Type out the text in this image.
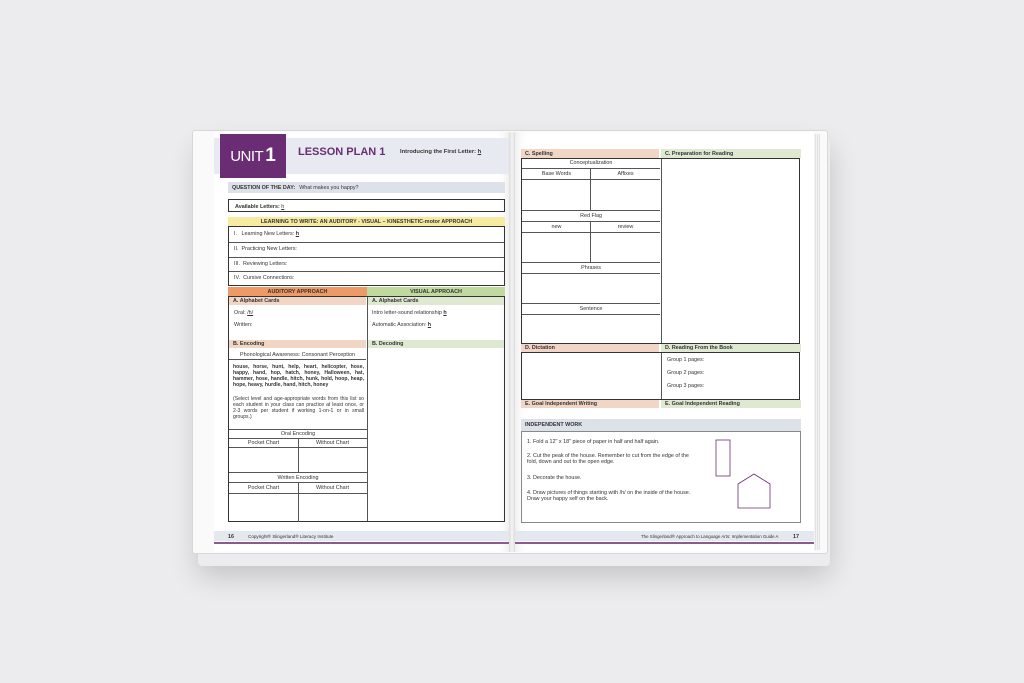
UNIT 1 LESSON PLAN 1	Introducing the First Letter: h
QUESTION OF THE DAY: What makes you happy?
Available Letters: h
LEARNING TO WRITE: AN AUDITORY - VISUAL – KINESTHETIC-motor APPROACH
I. Learning New Letters: h
II. Practicing New Letters:
III. Reviewing Letters:
IV. Cursive Connections:
AUDITORY APPROACH	VISUAL APPROACH
A. Alphabet Cards	A. Alphabet Cards
Oral: /h/
Written:
Intro letter-sound relationship h
Automatic Association: h
B. Encoding	B. Decoding
Phonological Awareness: Consonant Perception
house, horse, hunt, help, heart, helicopter, hose, happy, hand, hop, hatch, honey, Halloween, hat, hammer, hose, handle, hitch, hunk, hold, hoop, heap, hope, heavy, hurdle, hand, hitch, honey
(Select level and age-appropriate words from this list so each student in your class can practice at least once, or 2-3 words per student if working 1-on-1 or in small groups.)
Oral Encoding
Pocket Chart	Without Chart
Written Encoding
Pocket Chart	Without Chart
16	Copyright® Slingerland® Literacy Institute
C. Spelling	C. Preparation for Reading
Conceptualization
Base Words	Affixes
Red Flag
new	review
Phrases
Sentence
D. Dictation	D. Reading From the Book
Group 1 pages:
Group 2 pages:
Group 3 pages:
E. Goal Independent Writing	E. Goal Independent Reading
INDEPENDENT WORK
1. Fold a 12" x 18" piece of paper in half and half again.
2. Cut the peak of the house. Remember to cut from the edge of the fold, down and out to the open edge.
3. Decorate the house.
4. Draw pictures of things starting with /h/ on the inside of the house. Draw your happy self on the back.
The Slingerland® Approach to Language Arts: Implementation Guide A	17
